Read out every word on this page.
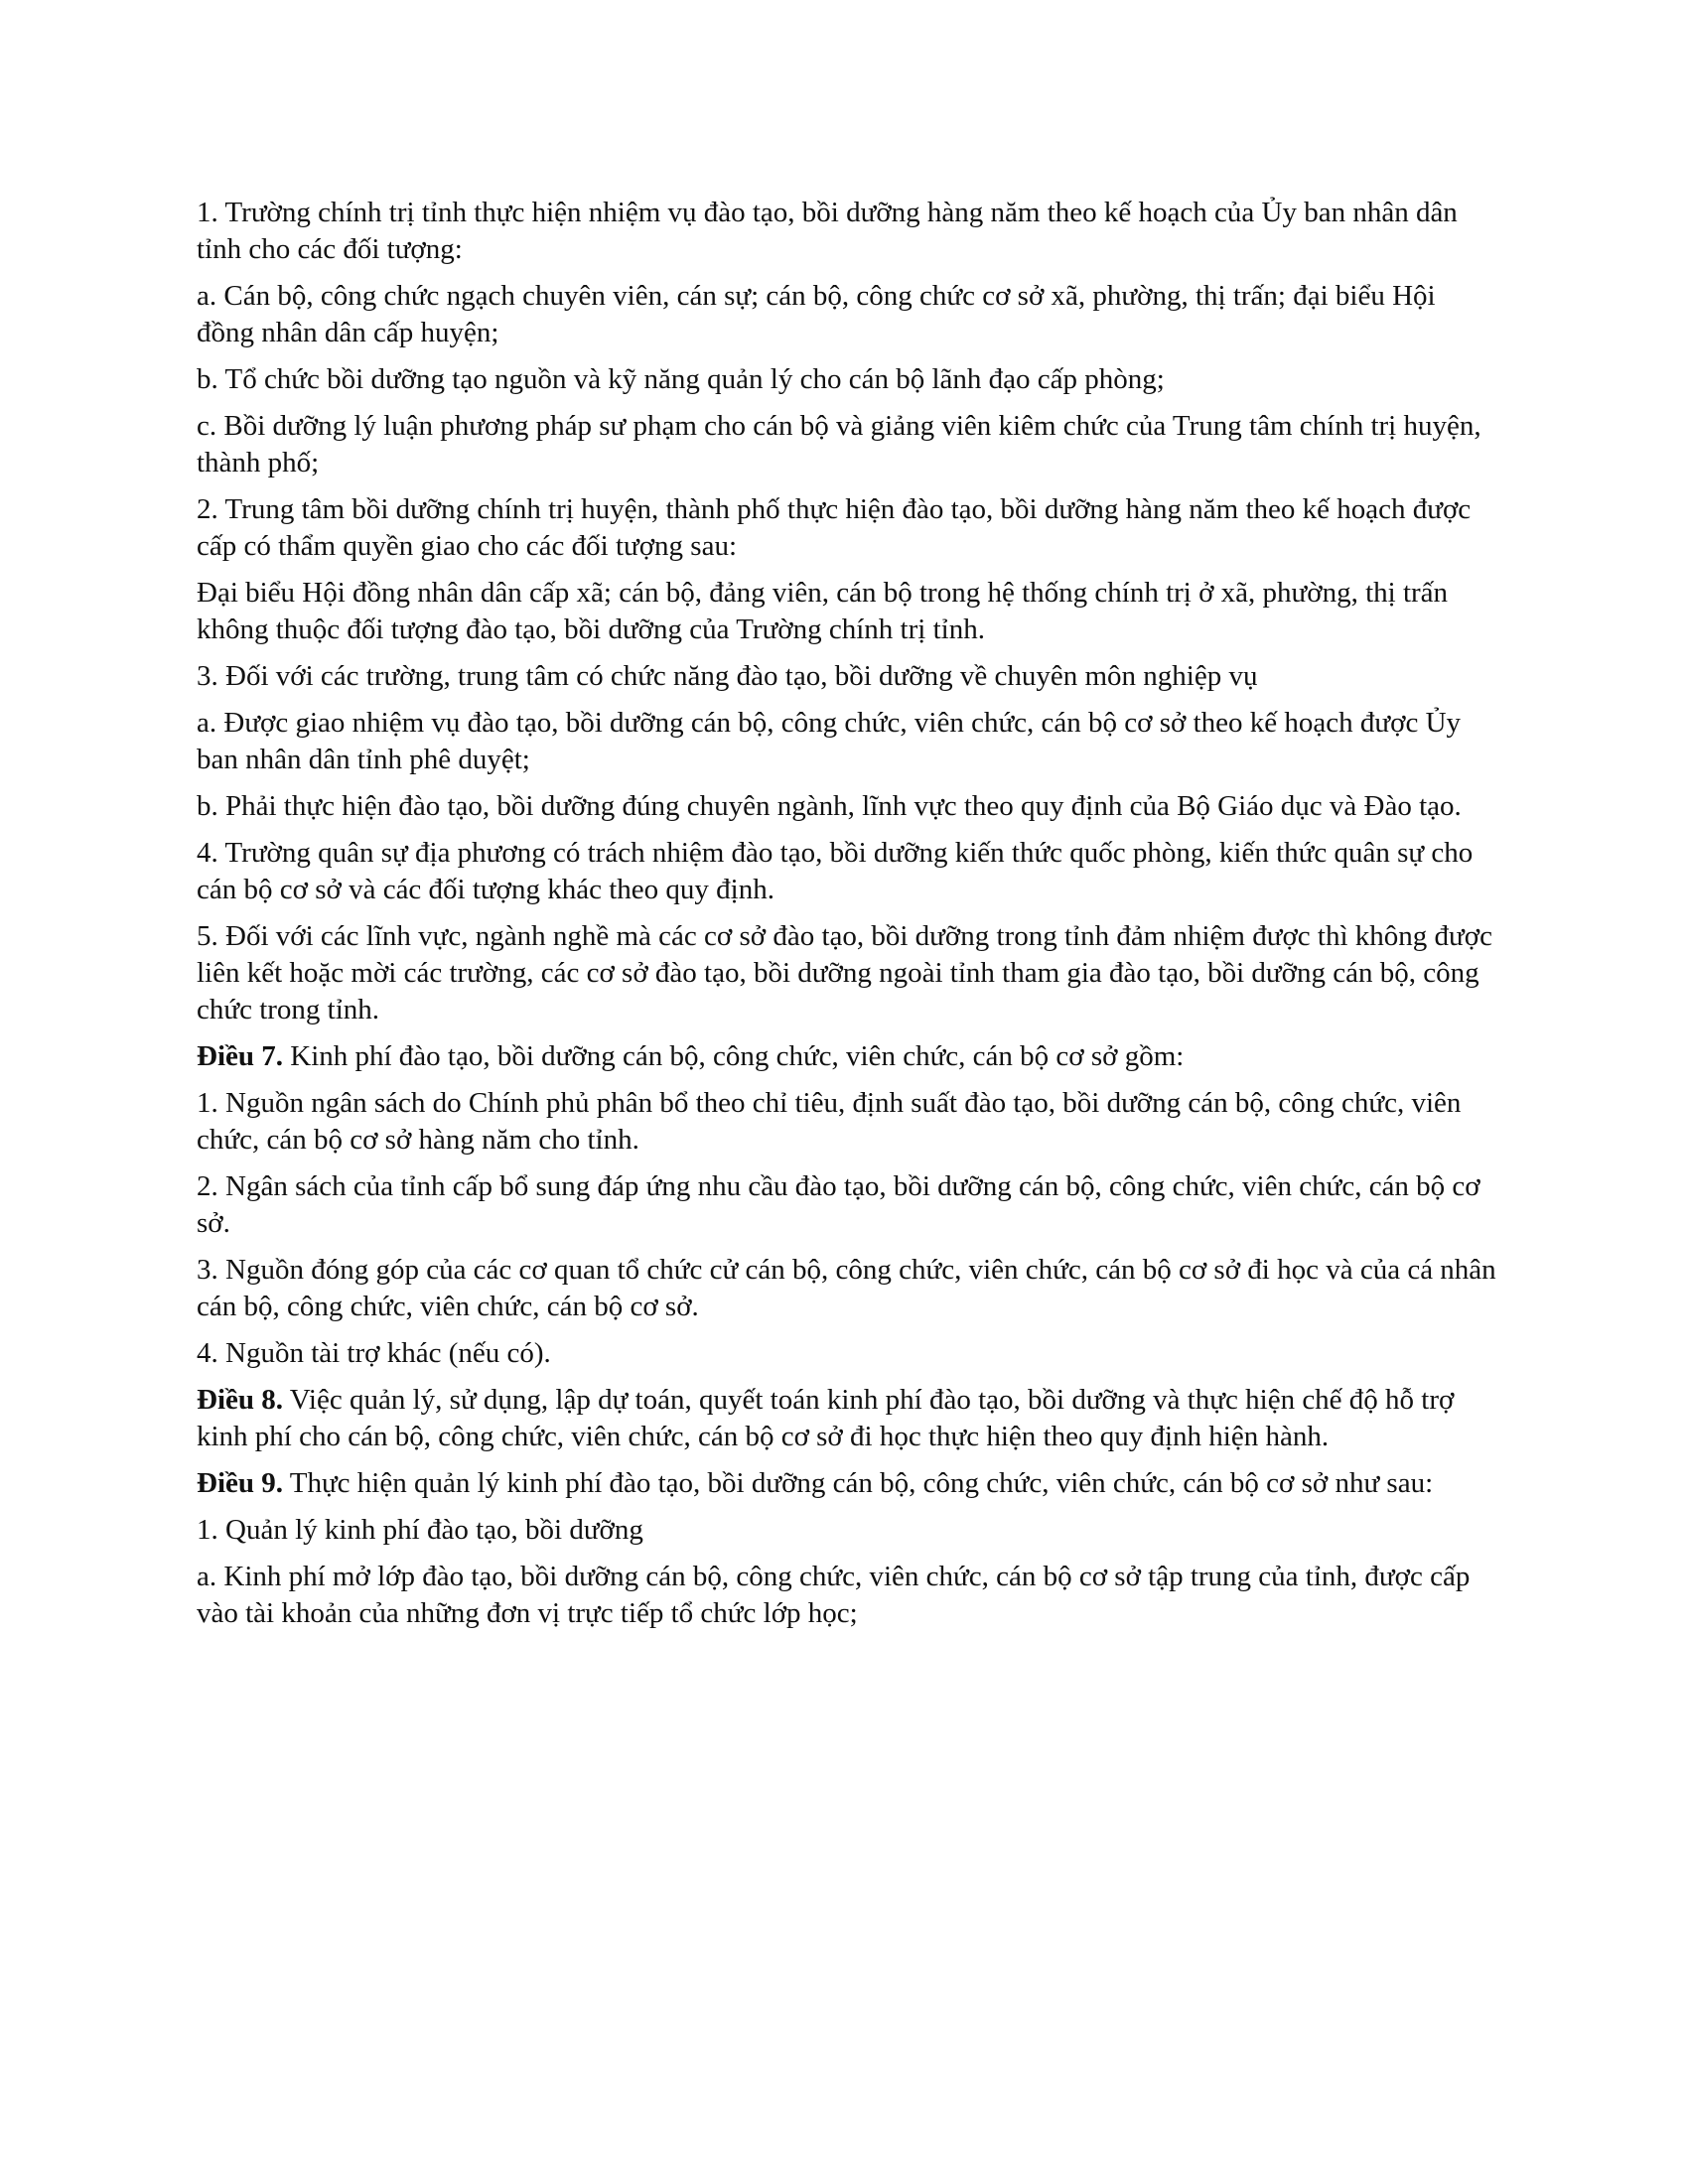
1. Trường chính trị tỉnh thực hiện nhiệm vụ đào tạo, bồi dưỡng hàng năm theo kế hoạch của Ủy ban nhân dân tỉnh cho các đối tượng:

a. Cán bộ, công chức ngạch chuyên viên, cán sự; cán bộ, công chức cơ sở xã, phường, thị trấn; đại biểu Hội đồng nhân dân cấp huyện;

b. Tổ chức bồi dưỡng tạo nguồn và kỹ năng quản lý cho cán bộ lãnh đạo cấp phòng;

c. Bồi dưỡng lý luận phương pháp sư phạm cho cán bộ và giảng viên kiêm chức của Trung tâm chính trị huyện, thành phố;

2. Trung tâm bồi dưỡng chính trị huyện, thành phố thực hiện đào tạo, bồi dưỡng hàng năm theo kế hoạch được cấp có thẩm quyền giao cho các đối tượng sau:

Đại biểu Hội đồng nhân dân cấp xã; cán bộ, đảng viên, cán bộ trong hệ thống chính trị ở xã, phường, thị trấn không thuộc đối tượng đào tạo, bồi dưỡng của Trường chính trị tỉnh.

3. Đối với các trường, trung tâm có chức năng đào tạo, bồi dưỡng về chuyên môn nghiệp vụ

a. Được giao nhiệm vụ đào tạo, bồi dưỡng cán bộ, công chức, viên chức, cán bộ cơ sở theo kế hoạch được Ủy ban nhân dân tỉnh phê duyệt;

b. Phải thực hiện đào tạo, bồi dưỡng đúng chuyên ngành, lĩnh vực theo quy định của Bộ Giáo dục và Đào tạo.

4. Trường quân sự địa phương có trách nhiệm đào tạo, bồi dưỡng kiến thức quốc phòng, kiến thức quân sự cho cán bộ cơ sở và các đối tượng khác theo quy định.

5. Đối với các lĩnh vực, ngành nghề mà các cơ sở đào tạo, bồi dưỡng trong tỉnh đảm nhiệm được thì không được liên kết hoặc mời các trường, các cơ sở đào tạo, bồi dưỡng ngoài tỉnh tham gia đào tạo, bồi dưỡng cán bộ, công chức trong tỉnh.

Điều 7. Kinh phí đào tạo, bồi dưỡng cán bộ, công chức, viên chức, cán bộ cơ sở gồm:

1. Nguồn ngân sách do Chính phủ phân bổ theo chỉ tiêu, định suất đào tạo, bồi dưỡng cán bộ, công chức, viên chức, cán bộ cơ sở hàng năm cho tỉnh.

2. Ngân sách của tỉnh cấp bổ sung đáp ứng nhu cầu đào tạo, bồi dưỡng cán bộ, công chức, viên chức, cán bộ cơ sở.

3. Nguồn đóng góp của các cơ quan tổ chức cử cán bộ, công chức, viên chức, cán bộ cơ sở đi học và của cá nhân cán bộ, công chức, viên chức, cán bộ cơ sở.

4. Nguồn tài trợ khác (nếu có).

Điều 8. Việc quản lý, sử dụng, lập dự toán, quyết toán kinh phí đào tạo, bồi dưỡng và thực hiện chế độ hỗ trợ kinh phí cho cán bộ, công chức, viên chức, cán bộ cơ sở đi học thực hiện theo quy định hiện hành.

Điều 9. Thực hiện quản lý kinh phí đào tạo, bồi dưỡng cán bộ, công chức, viên chức, cán bộ cơ sở như sau:

1. Quản lý kinh phí đào tạo, bồi dưỡng

a. Kinh phí mở lớp đào tạo, bồi dưỡng cán bộ, công chức, viên chức, cán bộ cơ sở tập trung của tỉnh, được cấp vào tài khoản của những đơn vị trực tiếp tổ chức lớp học;
